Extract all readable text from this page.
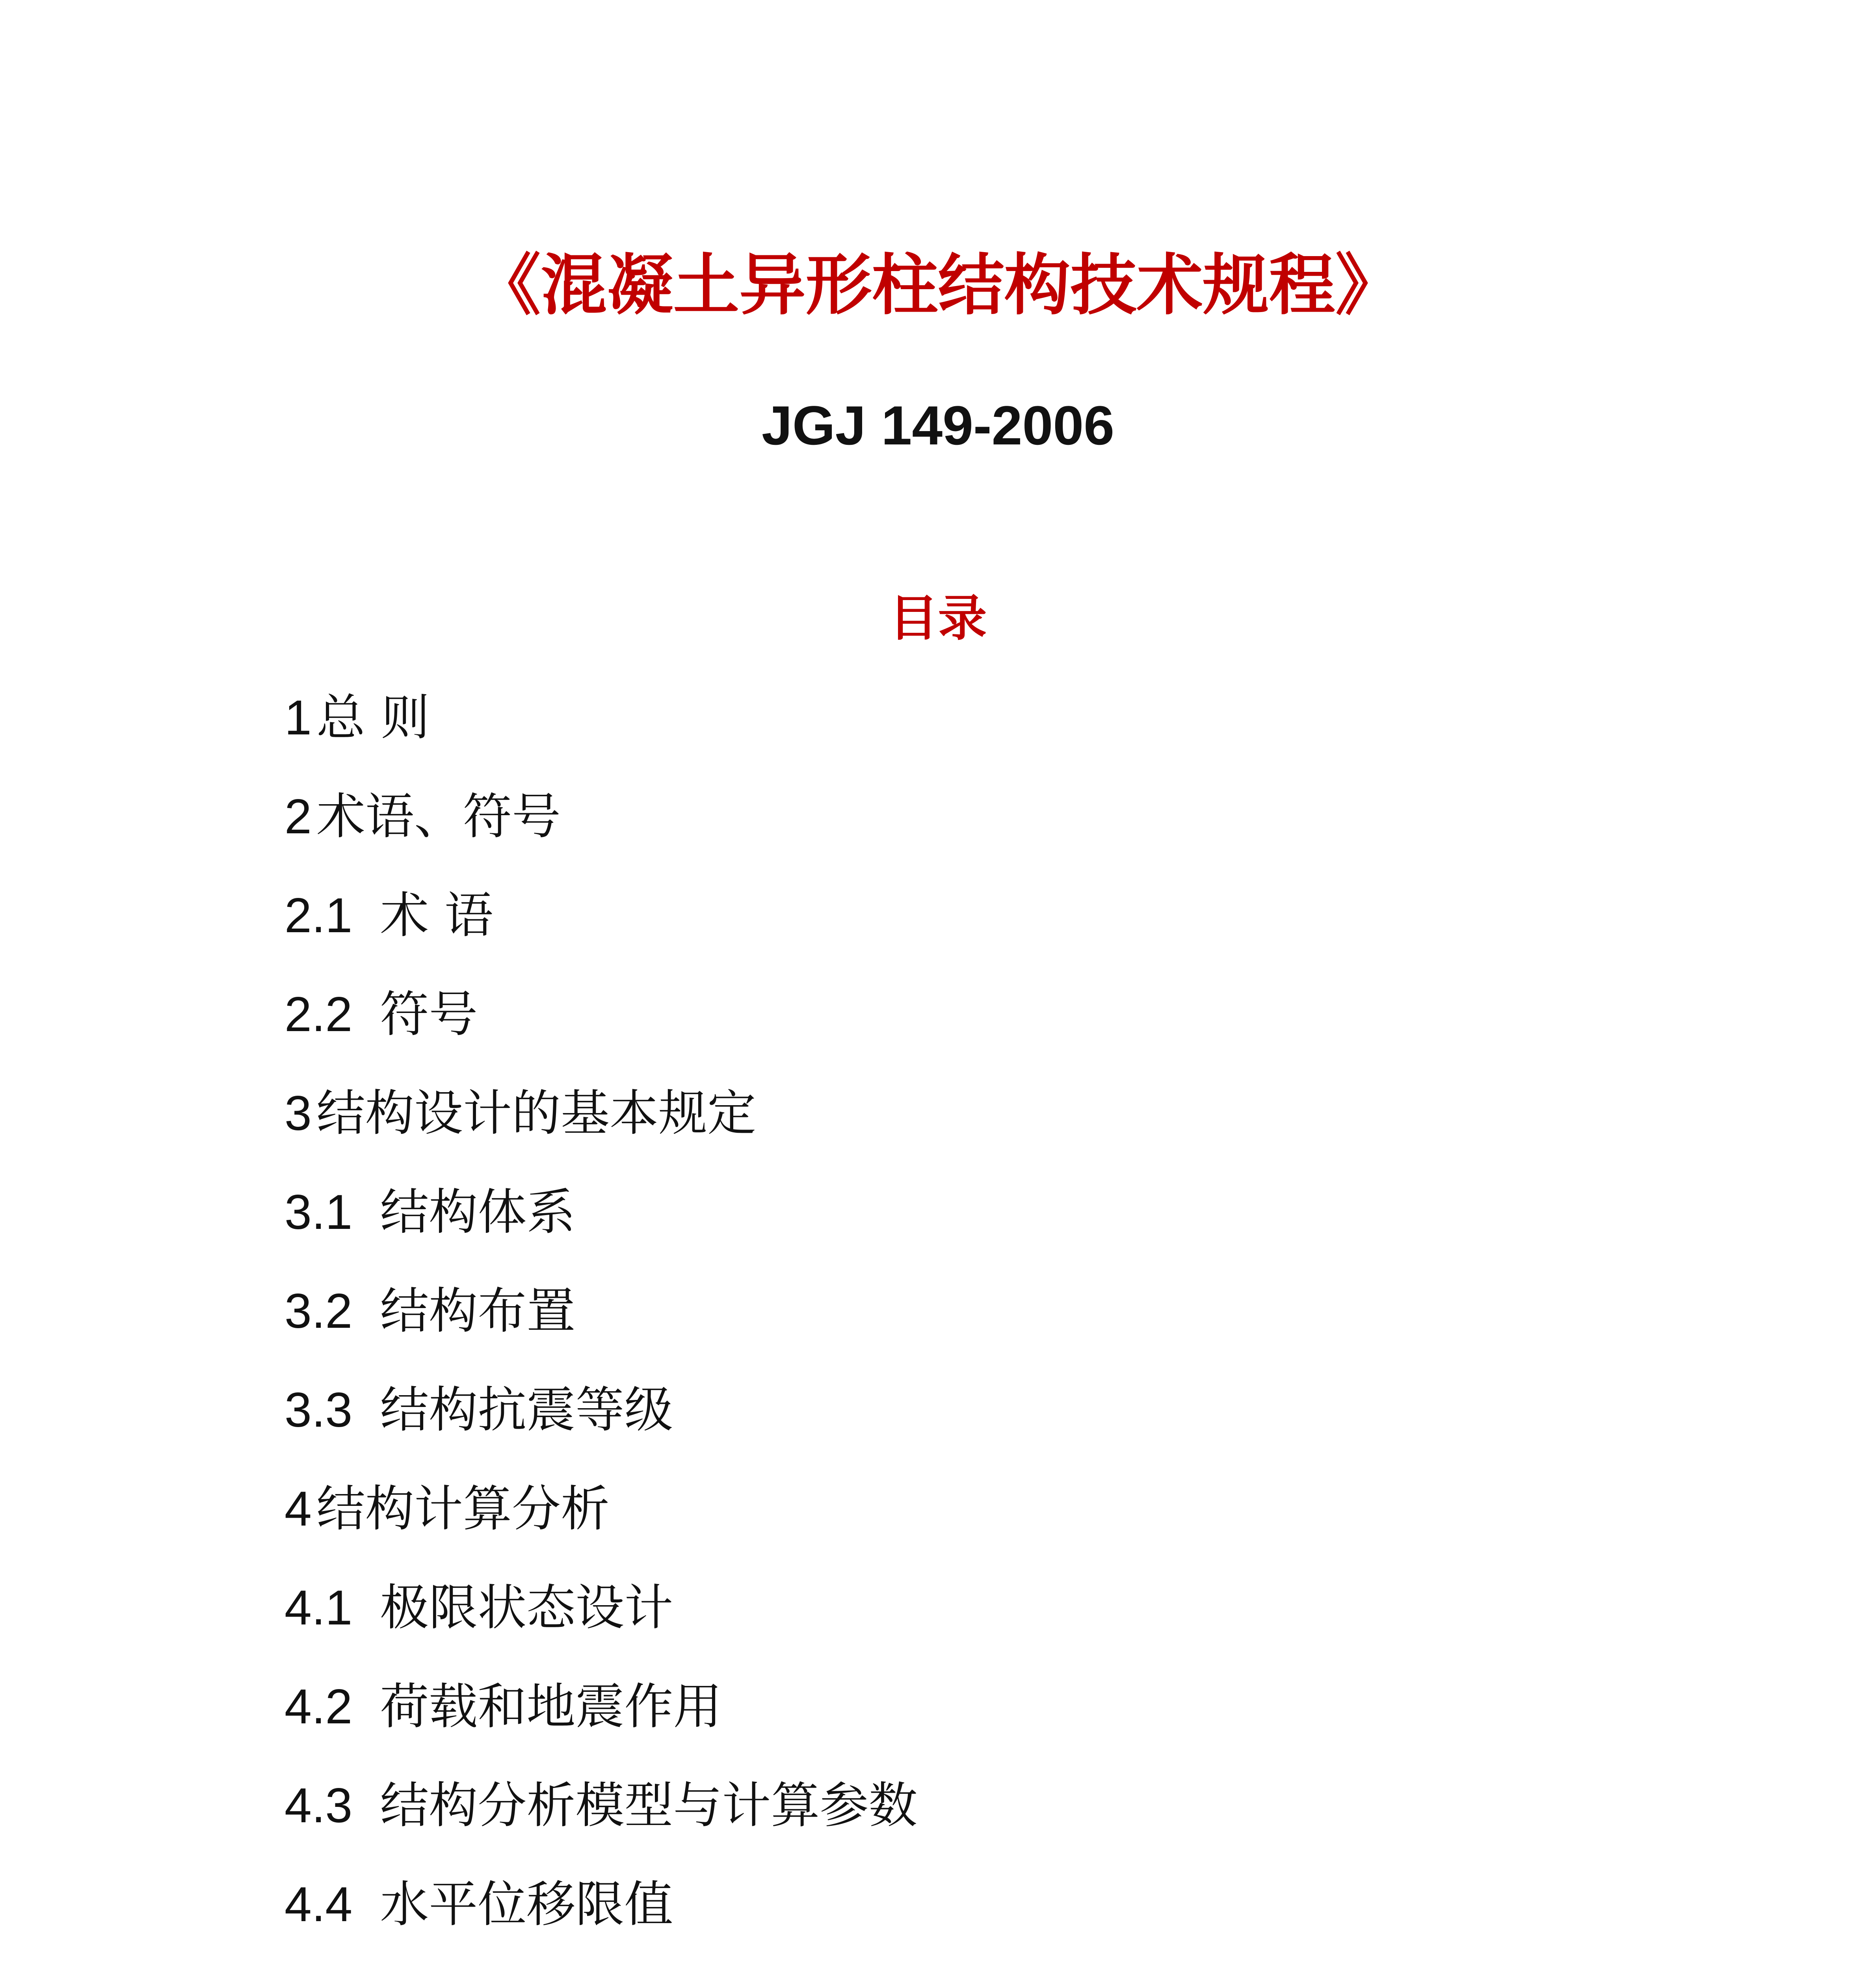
《混凝土异形柱结构技术规程》
JGJ 149-2006
目录
1总 则
2术语、符号
2.1 术 语
2.2 符号
3结构设计的基本规定
3.1 结构体系
3.2 结构布置
3.3 结构抗震等级
4结构计算分析
4.1 极限状态设计
4.2 荷载和地震作用
4.3 结构分析模型与计算参数
4.4 水平位移限值
